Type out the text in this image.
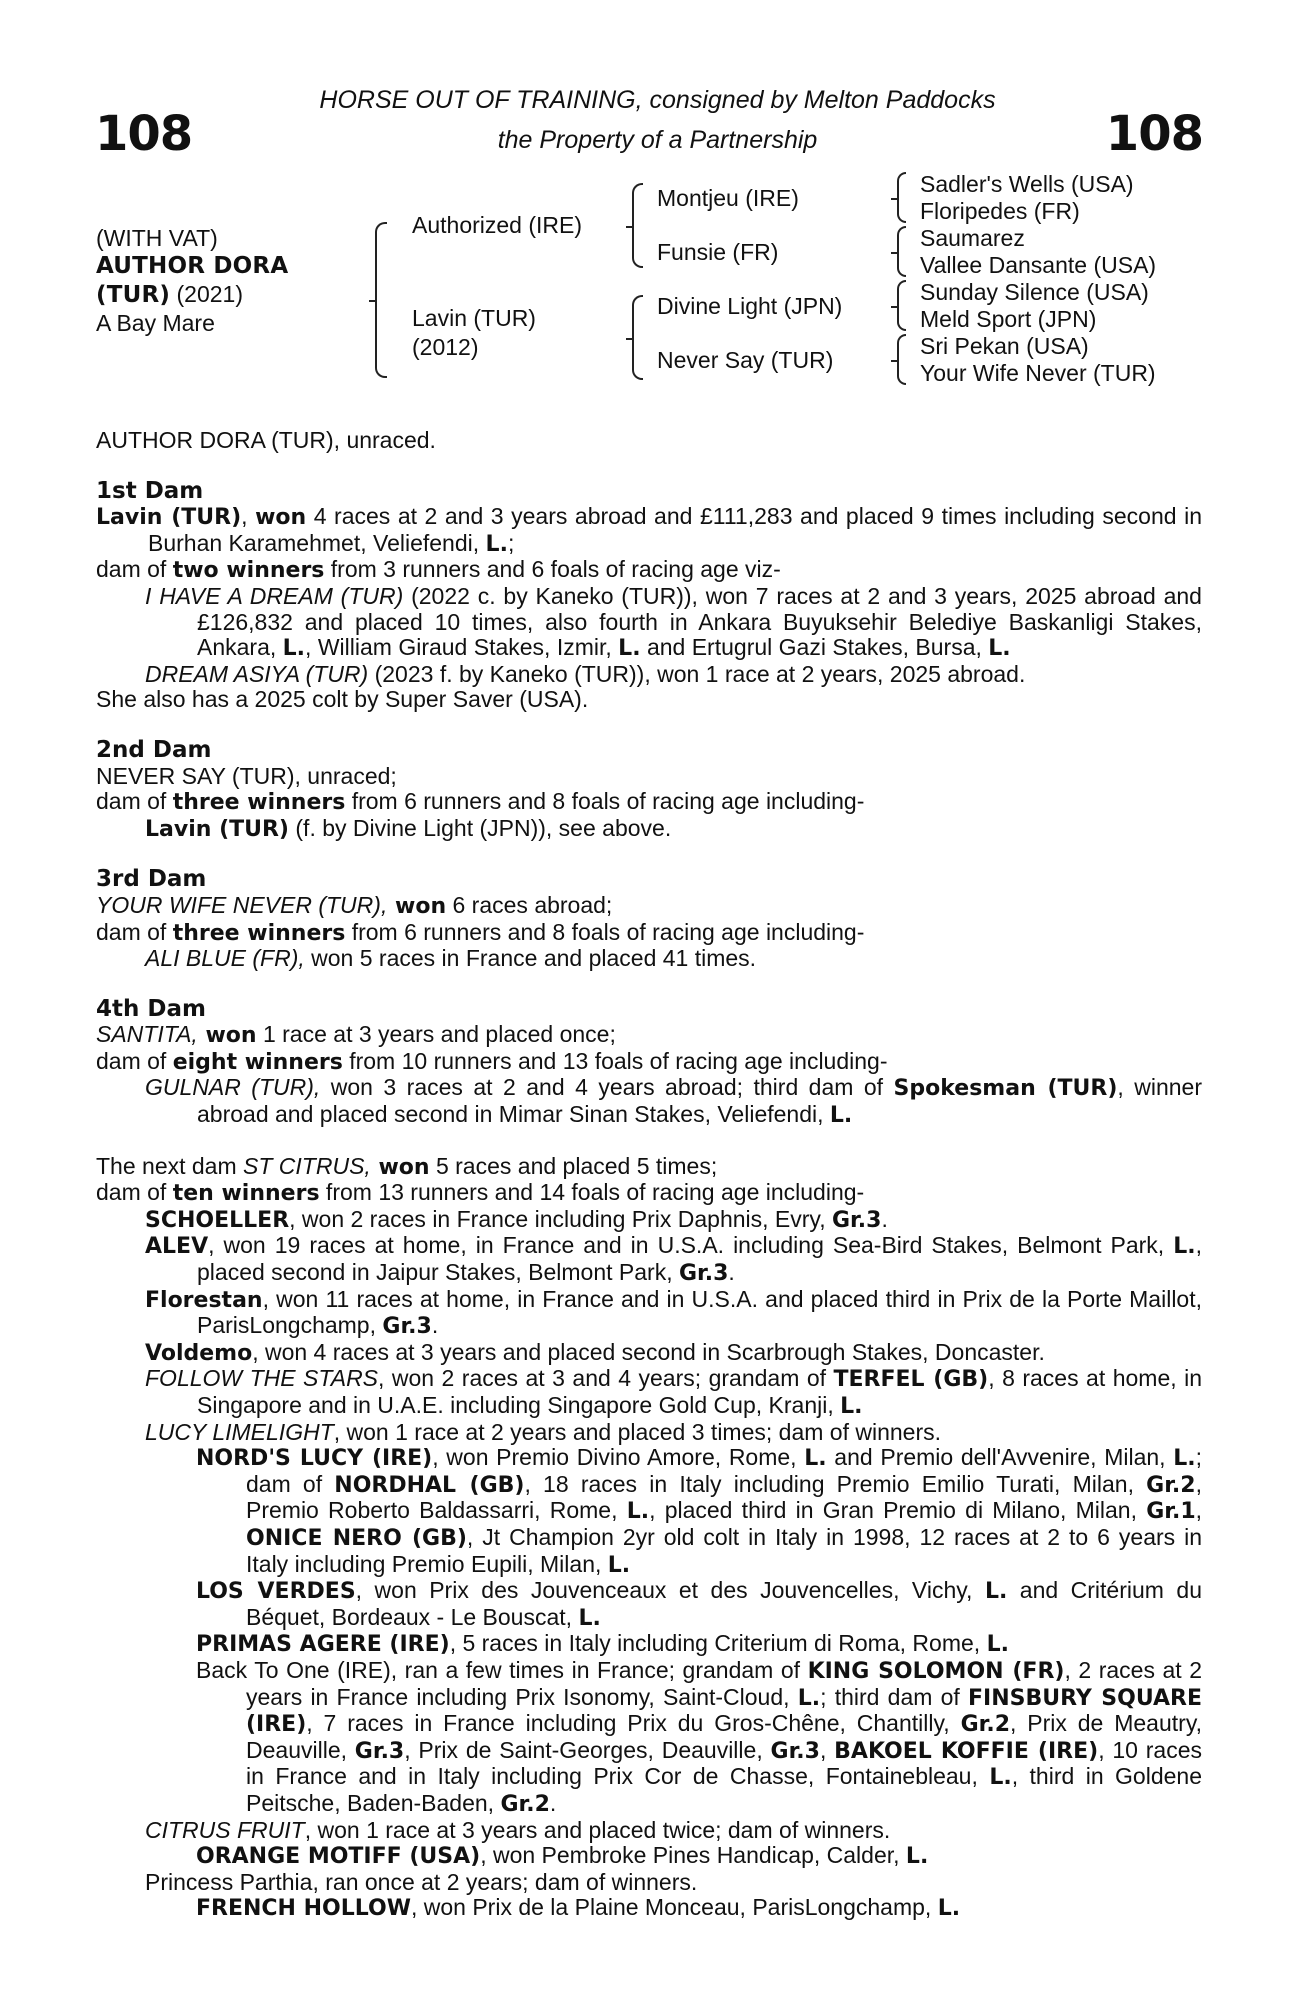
108	108
HORSE OUT OF TRAINING, consigned by Melton Paddocks
the Property of a Partnership
(WITH VAT)
AUTHOR DORA
(TUR) (2021)
A Bay Mare
Authorized (IRE)
Lavin (TUR)
(2012)
Montjeu (IRE)
Funsie (FR)
Divine Light (JPN)
Never Say (TUR)
Sadler's Wells (USA)
Floripedes (FR)
Saumarez
Vallee Dansante (USA)
Sunday Silence (USA)
Meld Sport (JPN)
Sri Pekan (USA)
Your Wife Never (TUR)

AUTHOR DORA (TUR), unraced.

1st Dam

Lavin (TUR), won 4 races at 2 and 3 years abroad and £111,283 and placed 9 times including second in Burhan Karamehmet, Veliefendi, L.;

dam of two winners from 3 runners and 6 foals of racing age viz-

I HAVE A DREAM (TUR) (2022 c. by Kaneko (TUR)), won 7 races at 2 and 3 years, 2025 abroad and £126,832 and placed 10 times, also fourth in Ankara Buyuksehir Belediye Baskanligi Stakes, Ankara, L., William Giraud Stakes, Izmir, L. and Ertugrul Gazi Stakes, Bursa, L.

DREAM ASIYA (TUR) (2023 f. by Kaneko (TUR)), won 1 race at 2 years, 2025 abroad.

She also has a 2025 colt by Super Saver (USA).

2nd Dam

NEVER SAY (TUR), unraced;

dam of three winners from 6 runners and 8 foals of racing age including-

Lavin (TUR) (f. by Divine Light (JPN)), see above.

3rd Dam

YOUR WIFE NEVER (TUR), won 6 races abroad;

dam of three winners from 6 runners and 8 foals of racing age including-

ALI BLUE (FR), won 5 races in France and placed 41 times.

4th Dam

SANTITA, won 1 race at 3 years and placed once;

dam of eight winners from 10 runners and 13 foals of racing age including-

GULNAR (TUR), won 3 races at 2 and 4 years abroad; third dam of Spokesman (TUR), winner abroad and placed second in Mimar Sinan Stakes, Veliefendi, L.

The next dam ST CITRUS, won 5 races and placed 5 times;

dam of ten winners from 13 runners and 14 foals of racing age including-

SCHOELLER, won 2 races in France including Prix Daphnis, Evry, Gr.3.

ALEV, won 19 races at home, in France and in U.S.A. including Sea-Bird Stakes, Belmont Park, L., placed second in Jaipur Stakes, Belmont Park, Gr.3.

Florestan, won 11 races at home, in France and in U.S.A. and placed third in Prix de la Porte Maillot, ParisLongchamp, Gr.3.

Voldemo, won 4 races at 3 years and placed second in Scarbrough Stakes, Doncaster.

FOLLOW THE STARS, won 2 races at 3 and 4 years; grandam of TERFEL (GB), 8 races at home, in Singapore and in U.A.E. including Singapore Gold Cup, Kranji, L.

LUCY LIMELIGHT, won 1 race at 2 years and placed 3 times; dam of winners.

NORD'S LUCY (IRE), won Premio Divino Amore, Rome, L. and Premio dell'Avvenire, Milan, L.; dam of NORDHAL (GB), 18 races in Italy including Premio Emilio Turati, Milan, Gr.2, Premio Roberto Baldassarri, Rome, L., placed third in Gran Premio di Milano, Milan, Gr.1, ONICE NERO (GB), Jt Champion 2yr old colt in Italy in 1998, 12 races at 2 to 6 years in Italy including Premio Eupili, Milan, L.

LOS VERDES, won Prix des Jouvenceaux et des Jouvencelles, Vichy, L. and Critérium du Béquet, Bordeaux - Le Bouscat, L.

PRIMAS AGERE (IRE), 5 races in Italy including Criterium di Roma, Rome, L.

Back To One (IRE), ran a few times in France; grandam of KING SOLOMON (FR), 2 races at 2 years in France including Prix Isonomy, Saint-Cloud, L.; third dam of FINSBURY SQUARE (IRE), 7 races in France including Prix du Gros-Chêne, Chantilly, Gr.2, Prix de Meautry, Deauville, Gr.3, Prix de Saint-Georges, Deauville, Gr.3, BAKOEL KOFFIE (IRE), 10 races in France and in Italy including Prix Cor de Chasse, Fontainebleau, L., third in Goldene Peitsche, Baden-Baden, Gr.2.

CITRUS FRUIT, won 1 race at 3 years and placed twice; dam of winners.

ORANGE MOTIFF (USA), won Pembroke Pines Handicap, Calder, L.

Princess Parthia, ran once at 2 years; dam of winners.

FRENCH HOLLOW, won Prix de la Plaine Monceau, ParisLongchamp, L.
